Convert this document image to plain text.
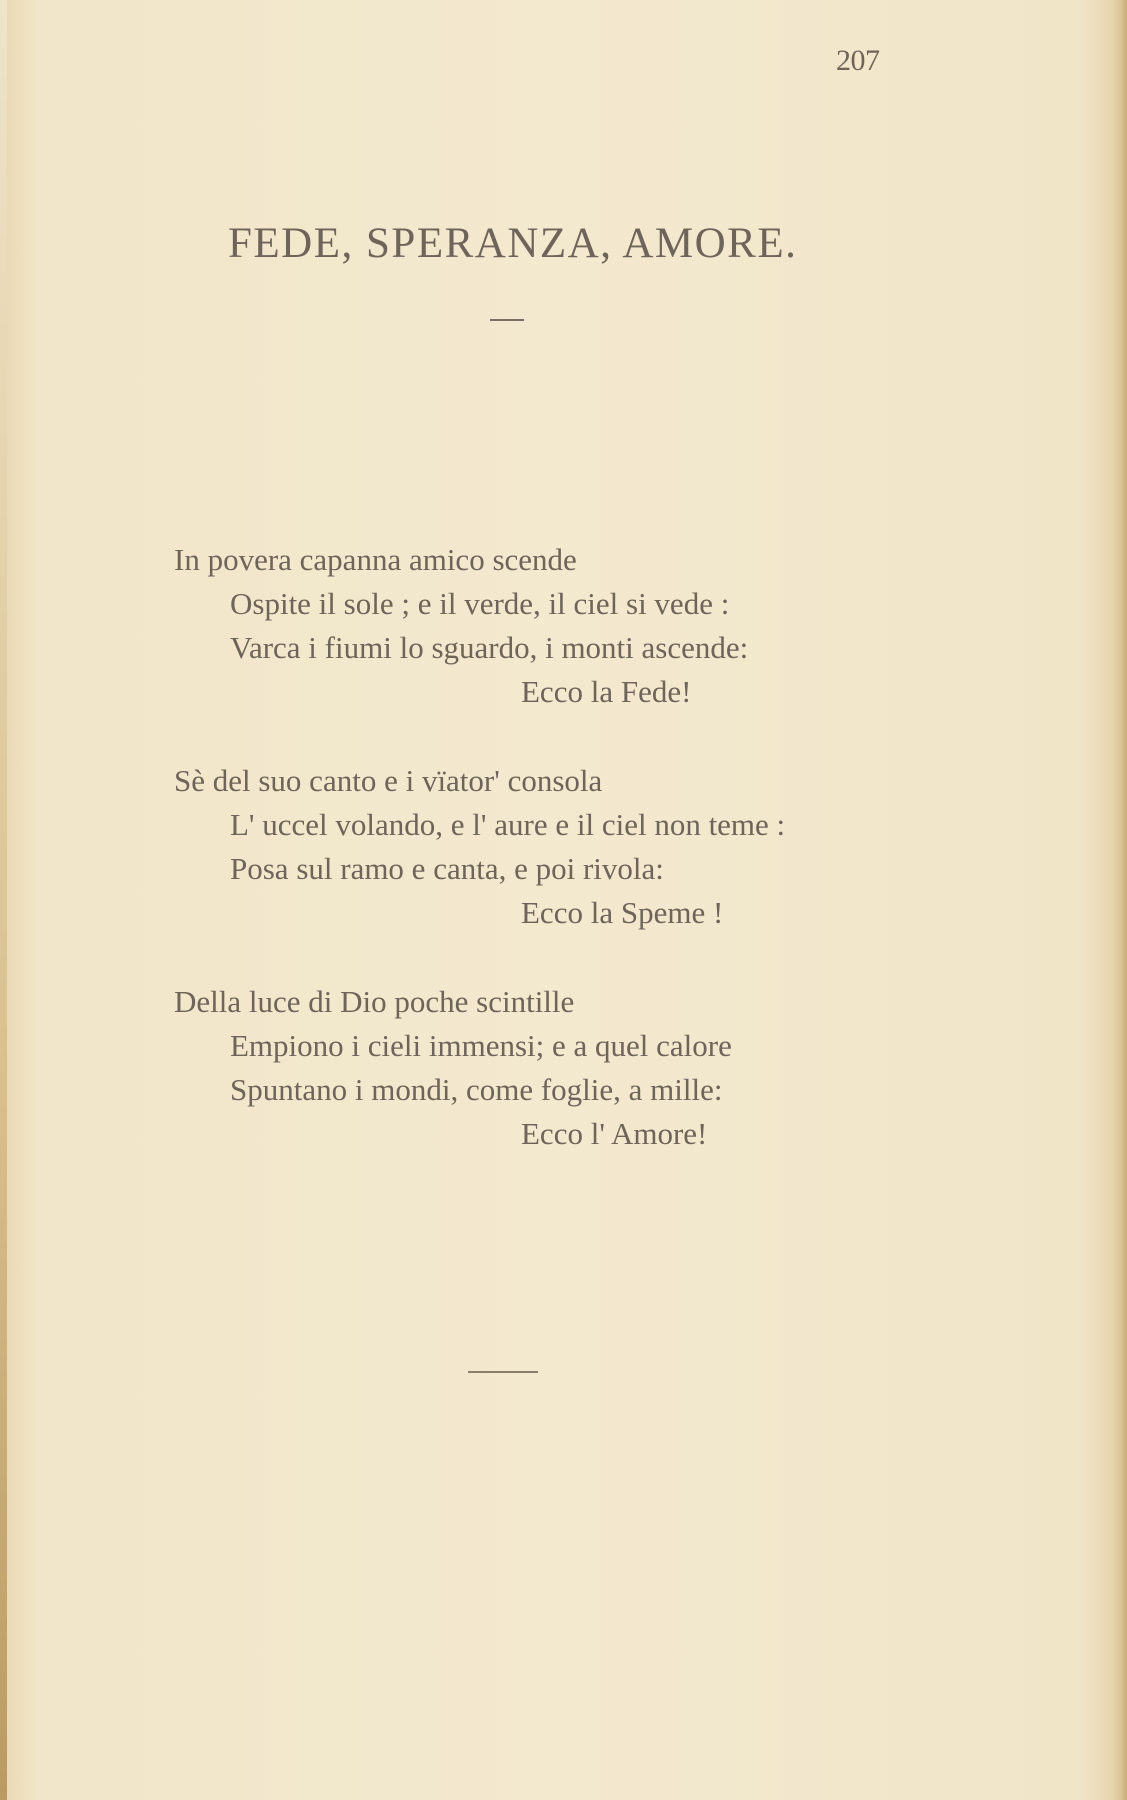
207
FEDE, SPERANZA, AMORE.
In povera capanna amico scende
Ospite il sole ; e il verde, il ciel si vede :
Varca i fiumi lo sguardo, i monti ascende:
Ecco la Fede!
Sè del suo canto e i vïator' consola
L' uccel volando, e l' aure e il ciel non teme :
Posa sul ramo e canta, e poi rivola:
Ecco la Speme !
Della luce di Dio poche scintille
Empiono i cieli immensi; e a quel calore
Spuntano i mondi, come foglie, a mille:
Ecco l' Amore!
